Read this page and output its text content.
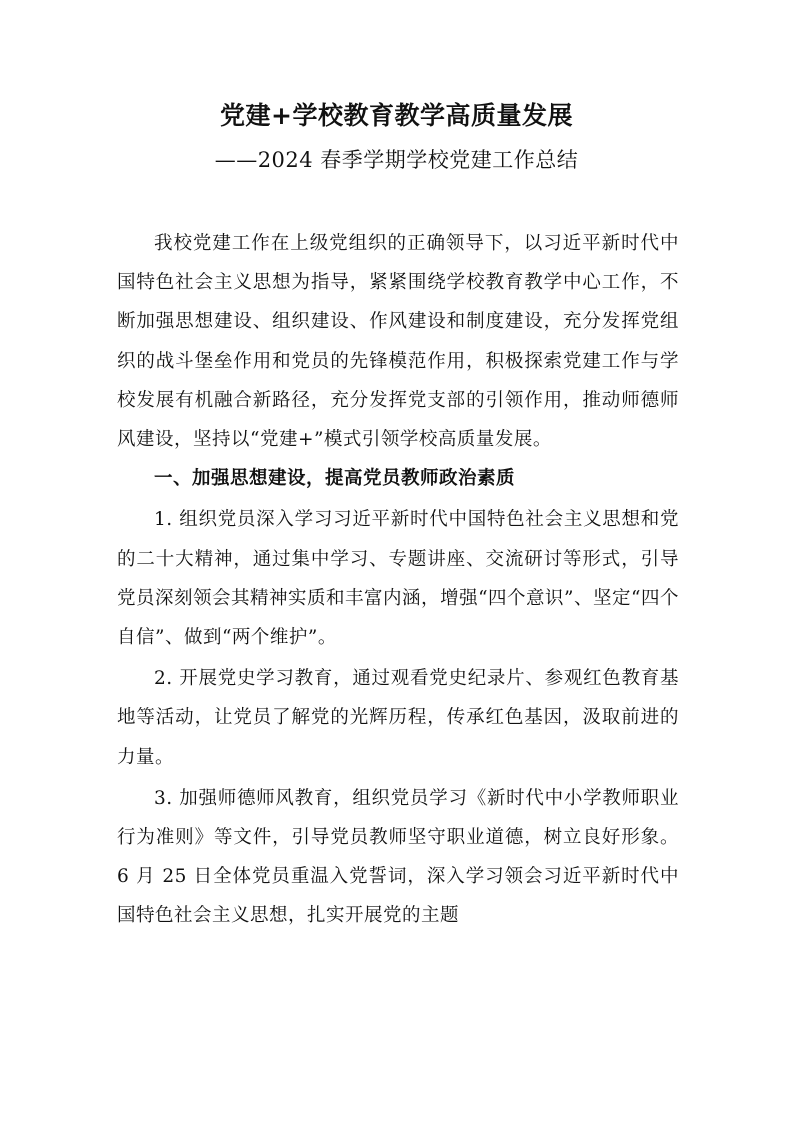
党建+学校教育教学高质量发展
——2024 春季学期学校党建工作总结

我校党建工作在上级党组织的正确领导下，以习近平新时代中国特色社会主义思想为指导，紧紧围绕学校教育教学中心工作，不断加强思想建设、组织建设、作风建设和制度建设，充分发挥党组织的战斗堡垒作用和党员的先锋模范作用，积极探索党建工作与学校发展有机融合新路径，充分发挥党支部的引领作用，推动师德师风建设，坚持以“党建+”模式引领学校高质量发展。

一、加强思想建设，提高党员教师政治素质

1. 组织党员深入学习习近平新时代中国特色社会主义思想和党的二十大精神，通过集中学习、专题讲座、交流研讨等形式，引导党员深刻领会其精神实质和丰富内涵，增强“四个意识”、坚定“四个自信”、做到“两个维护”。

2. 开展党史学习教育，通过观看党史纪录片、参观红色教育基地等活动，让党员了解党的光辉历程，传承红色基因，汲取前进的力量。

3. 加强师德师风教育，组织党员学习《新时代中小学教师职业行为准则》等文件，引导党员教师坚守职业道德，树立良好形象。6 月 25 日全体党员重温入党誓词，深入学习领会习近平新时代中国特色社会主义思想，扎实开展党的主题
